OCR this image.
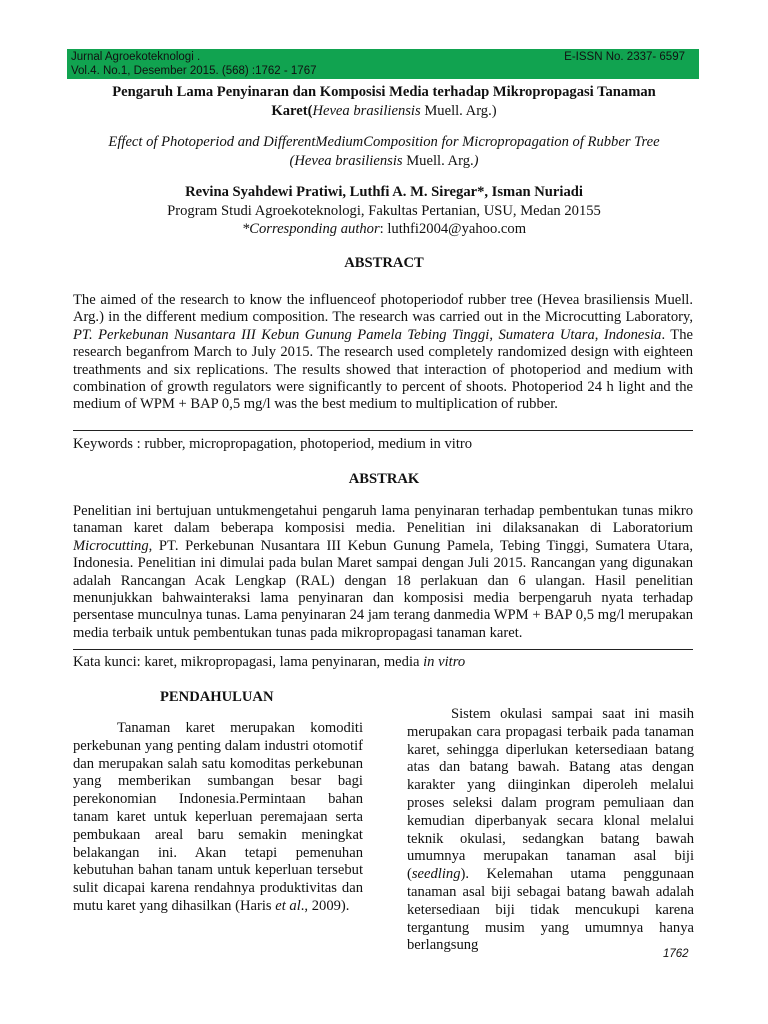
Jurnal Agroekoteknologi .	E-ISSN No. 2337- 6597
Vol.4. No.1, Desember 2015. (568) :1762 - 1767
Pengaruh Lama Penyinaran dan Komposisi Media terhadap Mikropropagasi Tanaman
Karet(Hevea brasiliensis Muell. Arg.)
Effect of Photoperiod and DifferentMediumComposition for Micropropagation of Rubber Tree
(Hevea brasiliensis Muell. Arg.)
Revina Syahdewi Pratiwi, Luthfi A. M. Siregar*, Isman Nuriadi
Program Studi Agroekoteknologi, Fakultas Pertanian, USU, Medan 20155
*Corresponding author: luthfi2004@yahoo.com
ABSTRACT
The aimed of the research to know the influenceof photoperiodof rubber tree (Hevea brasiliensis Muell. Arg.) in the different medium composition. The research was carried out in the Microcutting Laboratory, PT. Perkebunan Nusantara III Kebun Gunung Pamela Tebing Tinggi, Sumatera Utara, Indonesia. The research beganfrom March to July 2015. The research used completely randomized design with eighteen treathments and six replications. The results showed that interaction of photoperiod and medium with combination of growth regulators were significantly to percent of shoots. Photoperiod 24 h light and the medium of WPM + BAP 0,5 mg/l was the best medium to multiplication of rubber.
Keywords : rubber, micropropagation, photoperiod, medium in vitro
ABSTRAK
Penelitian ini bertujuan untukmengetahui pengaruh lama penyinaran terhadap pembentukan tunas mikro tanaman karet dalam beberapa komposisi media. Penelitian ini dilaksanakan di Laboratorium Microcutting, PT. Perkebunan Nusantara III Kebun Gunung Pamela, Tebing Tinggi, Sumatera Utara, Indonesia. Penelitian ini dimulai pada bulan Maret sampai dengan Juli 2015. Rancangan yang digunakan adalah Rancangan Acak Lengkap (RAL) dengan 18 perlakuan dan 6 ulangan. Hasil penelitian menunjukkan bahwainteraksi lama penyinaran dan komposisi media berpengaruh nyata terhadap persentase munculnya tunas. Lama penyinaran 24 jam terang danmedia WPM + BAP 0,5 mg/l merupakan media terbaik untuk pembentukan tunas pada mikropropagasi tanaman karet.
Kata kunci: karet, mikropropagasi, lama penyinaran, media in vitro
PENDAHULUAN
Tanaman karet merupakan komoditi perkebunan yang penting dalam industri otomotif dan merupakan salah satu komoditas perkebunan yang memberikan sumbangan besar bagi perekonomian Indonesia.Permintaan bahan tanam karet untuk keperluan peremajaan serta pembukaan areal baru semakin meningkat belakangan ini. Akan tetapi pemenuhan kebutuhan bahan tanam untuk keperluan tersebut sulit dicapai karena rendahnya produktivitas dan mutu karet yang dihasilkan (Haris et al., 2009).
Sistem okulasi sampai saat ini masih merupakan cara propagasi terbaik pada tanaman karet, sehingga diperlukan ketersediaan batang atas dan batang bawah. Batang atas dengan karakter yang diinginkan diperoleh melalui proses seleksi dalam program pemuliaan dan kemudian diperbanyak secara klonal melalui teknik okulasi, sedangkan batang bawah umumnya merupakan tanaman asal biji (seedling). Kelemahan utama penggunaan tanaman asal biji sebagai batang bawah adalah ketersediaan biji tidak mencukupi karena tergantung musim yang umumnya hanya berlangsung
1762
